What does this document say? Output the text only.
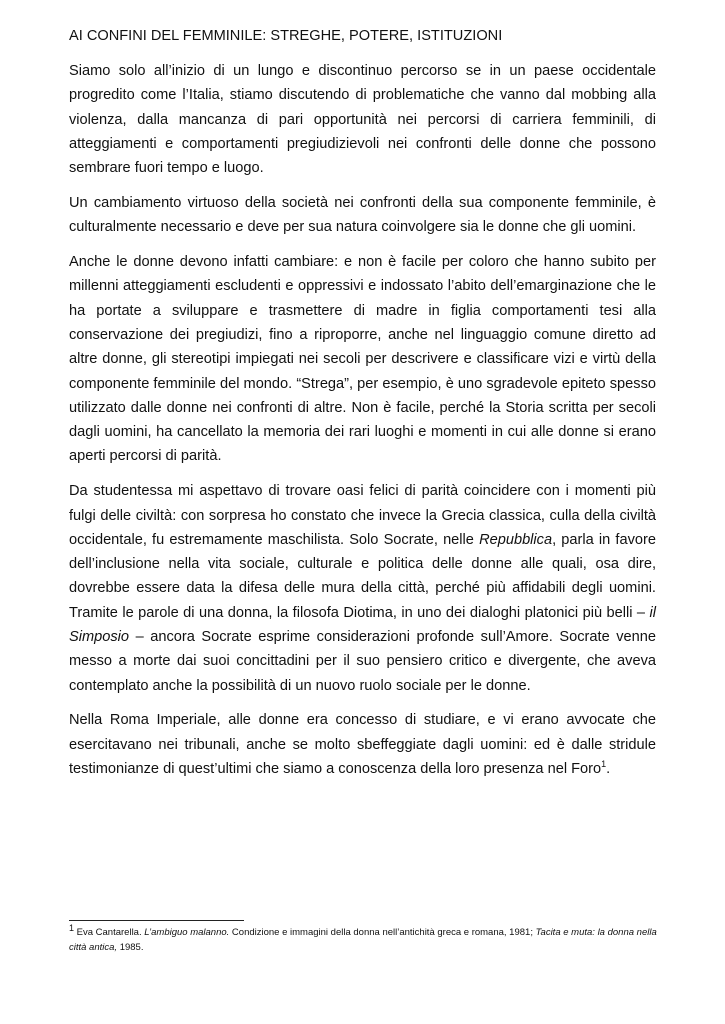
AI CONFINI DEL FEMMINILE: STREGHE, POTERE, ISTITUZIONI

Siamo solo all’inizio di un lungo e discontinuo percorso se in un paese occidentale progredito come l’Italia, stiamo discutendo di problematiche che vanno dal mobbing alla violenza, dalla mancanza di pari opportunità nei percorsi di carriera femminili, di atteggiamenti e comportamenti pregiudizievoli nei confronti delle donne che possono sembrare fuori tempo e luogo.

Un cambiamento virtuoso della società nei confronti della sua componente femminile, è culturalmente necessario e deve per sua natura coinvolgere sia le donne che gli uomini.

Anche le donne devono infatti cambiare: e non è facile per coloro che hanno subito per millenni atteggiamenti escludenti e oppressivi e indossato l’abito dell’emarginazione che le ha portate a sviluppare e trasmettere di madre in figlia comportamenti tesi alla conservazione dei pregiudizi, fino a riproporre, anche nel linguaggio comune diretto ad altre donne, gli stereotipi impiegati nei secoli per descrivere e classificare vizi e virtù della componente femminile del mondo. “Strega”, per esempio, è uno sgradevole epiteto spesso utilizzato dalle donne nei confronti di altre. Non è facile, perché la Storia scritta per secoli dagli uomini, ha cancellato la memoria dei rari luoghi e momenti in cui alle donne si erano aperti percorsi di parità.

Da studentessa mi aspettavo di trovare oasi felici di parità coincidere con i momenti più fulgi delle civiltà: con sorpresa ho constato che invece la Grecia classica, culla della civiltà occidentale, fu estremamente maschilista. Solo Socrate, nelle Repubblica, parla in favore dell’inclusione nella vita sociale, culturale e politica delle donne alle quali, osa dire, dovrebbe essere data la difesa delle mura della città, perché più affidabili degli uomini. Tramite le parole di una donna, la filosofa Diotima, in uno dei dialoghi platonici più belli – il Simposio – ancora Socrate esprime considerazioni profonde sull’Amore. Socrate venne messo a morte dai suoi concittadini per il suo pensiero critico e divergente, che aveva contemplato anche la possibilità di un nuovo ruolo sociale per le donne.

Nella Roma Imperiale, alle donne era concesso di studiare, e vi erano avvocate che esercitavano nei tribunali, anche se molto sbeffeggiate dagli uomini: ed è dalle stridule testimonianze di quest’ultimi che siamo a conoscenza della loro presenza nel Foro$^1$.

$^1$ Eva Cantarella. L’ambiguo malanno. Condizione e immagini della donna nell’antichità greca e romana, 1981; Tacita e muta: la donna nella città antica, 1985.
